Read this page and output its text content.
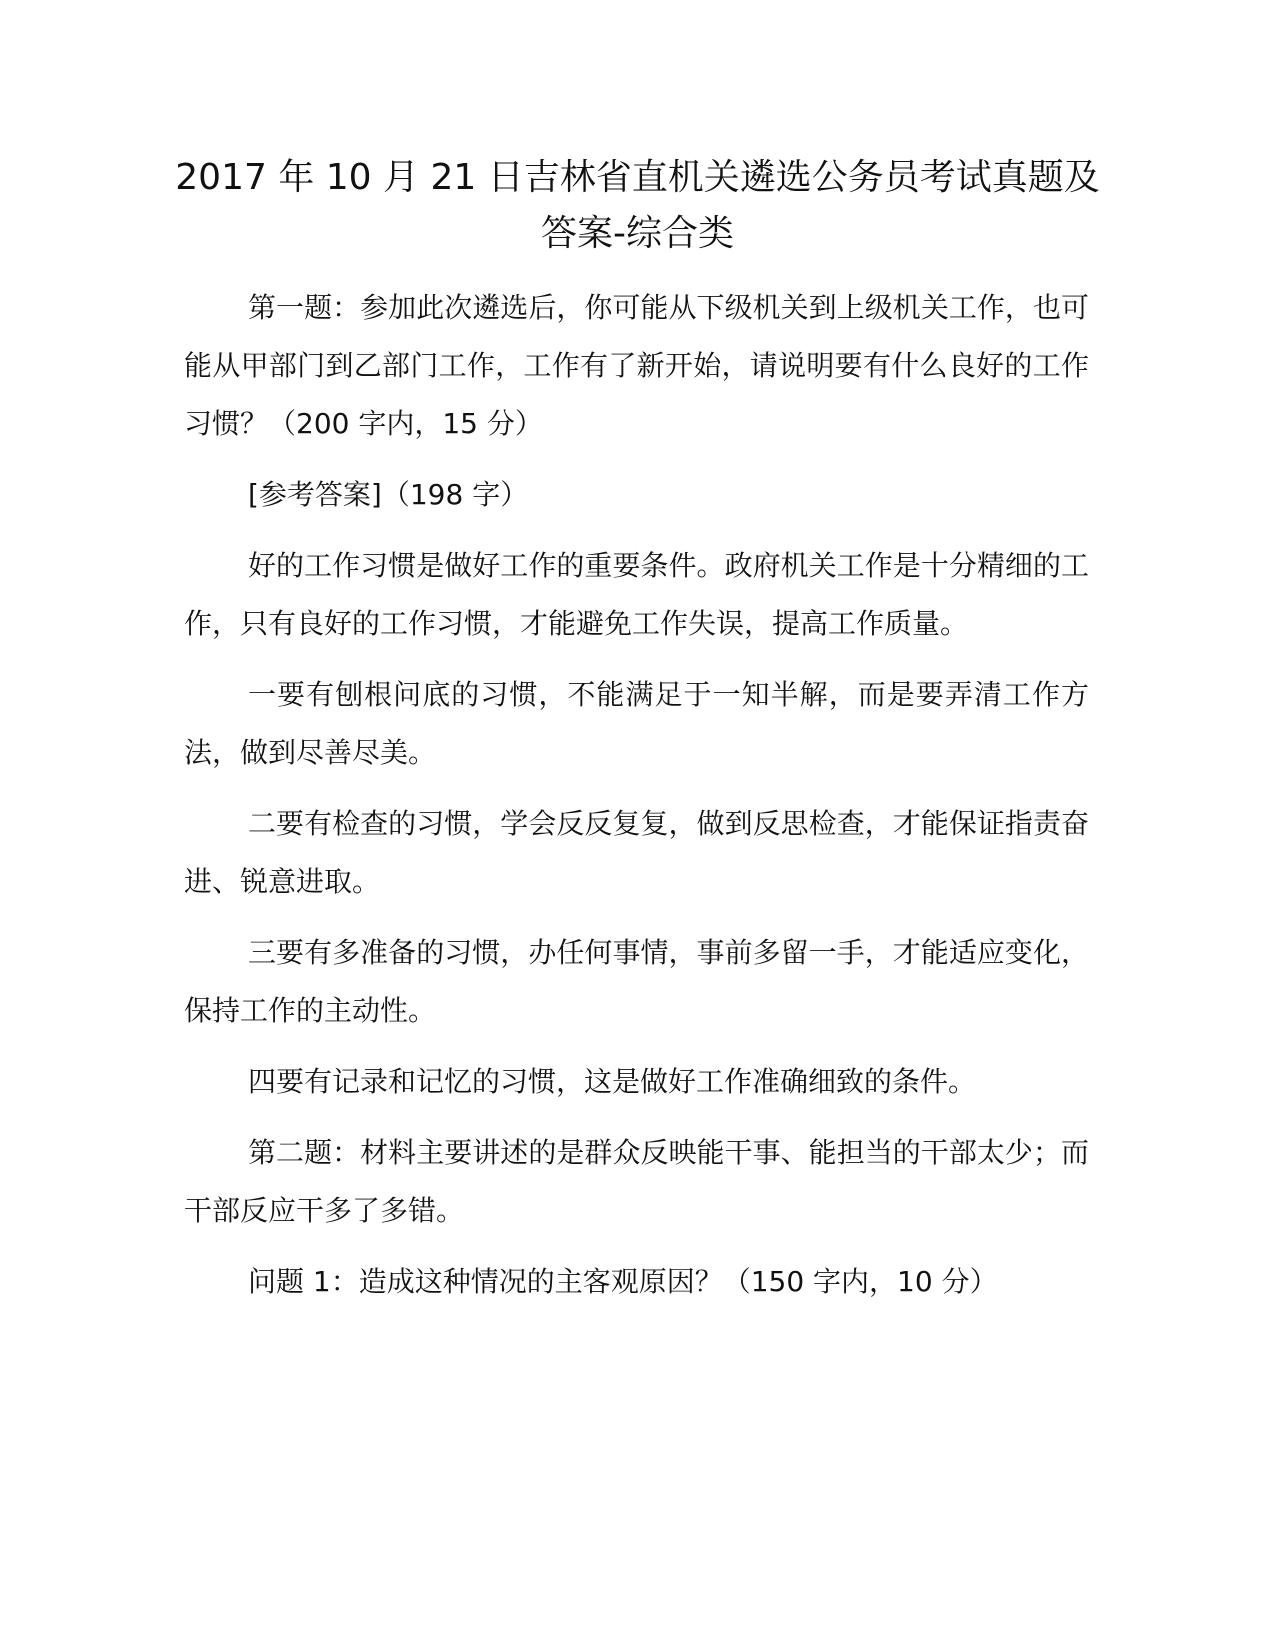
2017 年 10 月 21 日吉林省直机关遴选公务员考试真题及答案-综合类

第一题：参加此次遴选后，你可能从下级机关到上级机关工作，也可能从甲部门到乙部门工作，工作有了新开始，请说明要有什么良好的工作习惯？（200 字内，15 分）

[参考答案]（198 字）

好的工作习惯是做好工作的重要条件。政府机关工作是十分精细的工作，只有良好的工作习惯，才能避免工作失误，提高工作质量。

一要有刨根问底的习惯，不能满足于一知半解，而是要弄清工作方法，做到尽善尽美。

二要有检查的习惯，学会反反复复，做到反思检查，才能保证指责奋进、锐意进取。

三要有多准备的习惯，办任何事情，事前多留一手，才能适应变化，保持工作的主动性。

四要有记录和记忆的习惯，这是做好工作准确细致的条件。

第二题：材料主要讲述的是群众反映能干事、能担当的干部太少；而干部反应干多了多错。

问题 1：造成这种情况的主客观原因？（150 字内，10 分）
